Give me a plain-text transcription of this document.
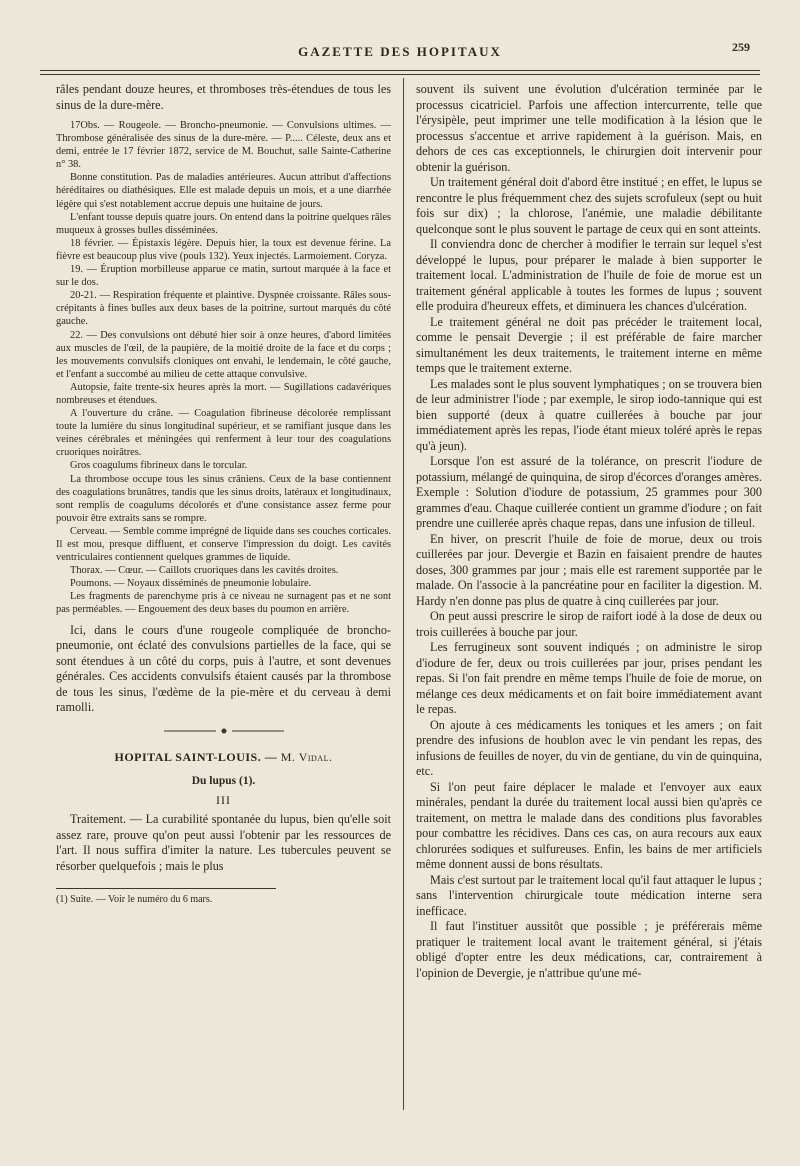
GAZETTE DES HOPITAUX	259

râles pendant douze heures, et thromboses très-étendues de tous les sinus de la dure-mère.

17Obs. — Rougeole. — Broncho-pneumonie. — Convulsions ultimes. — Thrombose généralisée des sinus de la dure-mère. — P..... Céleste, deux ans et demi, entrée le 17 février 1872, service de M. Bouchut, salle Sainte-Catherine n° 38.

Bonne constitution. Pas de maladies antérieures. Aucun attribut d'affections héréditaires ou diathésiques. Elle est malade depuis un mois, et a une diarrhée légère qui s'est notablement accrue depuis une huitaine de jours.

L'enfant tousse depuis quatre jours. On entend dans la poitrine quelques râles muqueux à grosses bulles disséminées.

18 février. — Épistaxis légère. Depuis hier, la toux est devenue férine. La fièvre est beaucoup plus vive (pouls 132). Yeux injectés. Larmoiement. Coryza.

19. — Éruption morbilleuse apparue ce matin, surtout marquée à la face et sur le dos.

20-21. — Respiration fréquente et plaintive. Dyspnée croissante. Râles sous-crépitants à fines bulles aux deux bases de la poitrine, surtout marqués du côté gauche.

22. — Des convulsions ont débuté hier soir à onze heures, d'abord limitées aux muscles de l'œil, de la paupière, de la moitié droite de la face et du corps ; les mouvements convulsifs cloniques ont envahi, le lendemain, le côté gauche, et l'enfant a succombé au milieu de cette attaque convulsive.

Autopsie, faite trente-six heures après la mort. — Sugillations cadavériques nombreuses et étendues.

A l'ouverture du crâne. — Coagulation fibrineuse décolorée remplissant toute la lumière du sinus longitudinal supérieur, et se ramifiant jusque dans les veines cérébrales et méningées qui renferment à leur tour des coagulations cruoriques noirâtres.

Gros coagulums fibrineux dans le torcular.

La thrombose occupe tous les sinus crâniens. Ceux de la base contiennent des coagulations brunâtres, tandis que les sinus droits, latéraux et longitudinaux, sont remplis de coagulums décolorés et d'une consistance assez ferme pour pouvoir être extraits sans se rompre.

Cerveau. — Semble comme imprégné de liquide dans ses couches corticales. Il est mou, presque diffluent, et conserve l'impression du doigt. Les cavités ventriculaires contiennent quelques grammes de liquide.

Thorax. — Cœur. — Caillots cruoriques dans les cavités droites.

Poumons. — Noyaux disséminés de pneumonie lobulaire.

Les fragments de parenchyme pris à ce niveau ne surnagent pas et ne sont pas perméables. — Engouement des deux bases du poumon en arrière.

Ici, dans le cours d'une rougeole compliquée de broncho-pneumonie, ont éclaté des convulsions partielles de la face, qui se sont étendues à un côté du corps, puis à l'autre, et sont devenues générales. Ces accidents convulsifs étaient causés par la thrombose de tous les sinus, l'œdème de la pie-mère et du cerveau à demi ramolli.

HOPITAL SAINT-LOUIS. — M. Vidal.
Du lupus (1).
III

Traitement. — La curabilité spontanée du lupus, bien qu'elle soit assez rare, prouve qu'on peut aussi l'obtenir par les ressources de l'art. Il nous suffira d'imiter la nature. Les tubercules peuvent se résorber quelquefois ; mais le plus

(1) Suite. — Voir le numéro du 6 mars.

souvent ils suivent une évolution d'ulcération terminée par le processus cicatriciel. Parfois une affection intercurrente, telle que l'érysipèle, peut imprimer une telle modification à la lésion que le processus s'accentue et arrive rapidement à la guérison. Mais, en dehors de ces cas exceptionnels, le chirurgien doit intervenir pour obtenir la guérison.

Un traitement général doit d'abord être institué ; en effet, le lupus se rencontre le plus fréquemment chez des sujets scrofuleux (sept ou huit fois sur dix) ; la chlorose, l'anémie, une maladie débilitante quelconque sont le plus souvent le partage de ceux qui en sont atteints.

Il conviendra donc de chercher à modifier le terrain sur lequel s'est développé le lupus, pour préparer le malade à bien supporter le traitement local. L'administration de l'huile de foie de morue est un traitement général applicable à toutes les formes de lupus ; souvent elle produira d'heureux effets, et diminuera les chances d'ulcération.

Le traitement général ne doit pas précéder le traitement local, comme le pensait Devergie ; il est préférable de faire marcher simultanément les deux traitements, le traitement interne en même temps que le traitement externe.

Les malades sont le plus souvent lymphatiques ; on se trouvera bien de leur administrer l'iode ; par exemple, le sirop iodo-tannique qui est bien supporté (deux à quatre cuillerées à bouche par jour immédiatement après les repas, l'iode étant mieux toléré après le repas qu'à jeun).

Lorsque l'on est assuré de la tolérance, on prescrit l'iodure de potassium, mélangé de quinquina, de sirop d'écorces d'oranges amères. Exemple : Solution d'iodure de potassium, 25 grammes pour 300 grammes d'eau. Chaque cuillerée contient un gramme d'iodure ; on fait prendre une cuillerée après chaque repas, dans une infusion de tilleul.

En hiver, on prescrit l'huile de foie de morue, deux ou trois cuillerées par jour. Devergie et Bazin en faisaient prendre de hautes doses, 300 grammes par jour ; mais elle est rarement supportée par le malade. On l'associe à la pancréatine pour en faciliter la digestion. M. Hardy n'en donne pas plus de quatre à cinq cuillerées par jour.

On peut aussi prescrire le sirop de raifort iodé à la dose de deux ou trois cuillerées à bouche par jour.

Les ferrugineux sont souvent indiqués ; on administre le sirop d'iodure de fer, deux ou trois cuillerées par jour, prises pendant les repas. Si l'on fait prendre en même temps l'huile de foie de morue, on mélange ces deux médicaments et on fait boire immédiatement avant le repas.

On ajoute à ces médicaments les toniques et les amers ; on fait prendre des infusions de houblon avec le vin pendant les repas, des infusions de feuilles de noyer, du vin de gentiane, du vin de quinquina, etc.

Si l'on peut faire déplacer le malade et l'envoyer aux eaux minérales, pendant la durée du traitement local aussi bien qu'après ce traitement, on mettra le malade dans des conditions plus favorables pour combattre les récidives. Dans ces cas, on aura recours aux eaux chlorurées sodiques et sulfureuses. Enfin, les bains de mer artificiels même donnent aussi de bons résultats.

Mais c'est surtout par le traitement local qu'il faut attaquer le lupus ; sans l'intervention chirurgicale toute médication interne sera inefficace.

Il faut l'instituer aussitôt que possible ; je préférerais même pratiquer le traitement local avant le traitement général, si j'étais obligé d'opter entre les deux médications, car, contrairement à l'opinion de Devergie, je n'attribue qu'une mé-
